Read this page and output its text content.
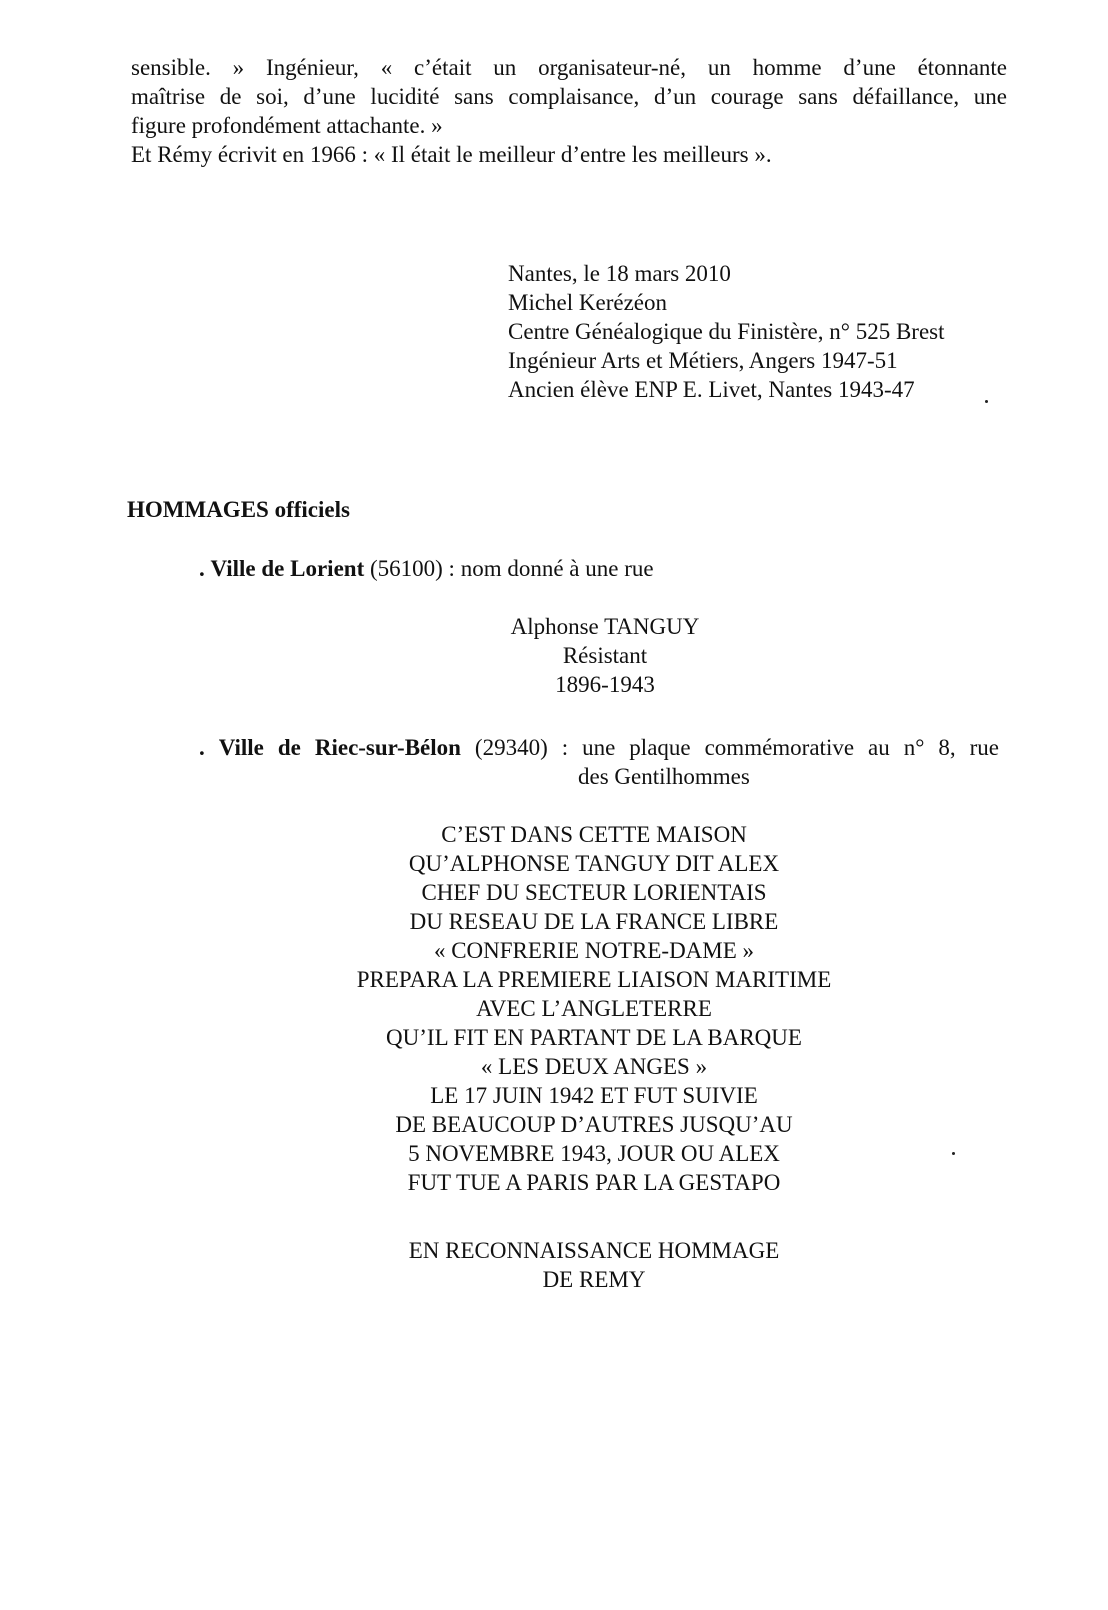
sensible. » Ingénieur, « c’était un organisateur-né, un homme d’une étonnante
maîtrise de soi, d’une lucidité sans complaisance, d’un courage sans défaillance, une
figure profondément attachante. »
Et Rémy écrivit en 1966 : « Il était le meilleur d’entre les meilleurs ».
Nantes, le 18 mars 2010
Michel Kerézéon
Centre Généalogique du Finistère, n° 525 Brest
Ingénieur Arts et Métiers, Angers 1947-51
Ancien élève ENP E. Livet, Nantes 1943-47
HOMMAGES officiels
. Ville de Lorient (56100) : nom donné à une rue
Alphonse TANGUY
Résistant
1896-1943
. Ville de Riec-sur-Bélon (29340) : une plaque commémorative au n° 8, rue
des Gentilhommes
C’EST DANS CETTE MAISON
QU’ALPHONSE TANGUY DIT ALEX
CHEF DU SECTEUR LORIENTAIS
DU RESEAU DE LA FRANCE LIBRE
« CONFRERIE NOTRE-DAME »
PREPARA LA PREMIERE LIAISON MARITIME
AVEC L’ANGLETERRE
QU’IL FIT EN PARTANT DE LA BARQUE
« LES DEUX ANGES »
LE 17 JUIN 1942 ET FUT SUIVIE
DE BEAUCOUP D’AUTRES JUSQU’AU
5 NOVEMBRE 1943, JOUR OU ALEX
FUT TUE A PARIS PAR LA GESTAPO
EN RECONNAISSANCE HOMMAGE
DE REMY
